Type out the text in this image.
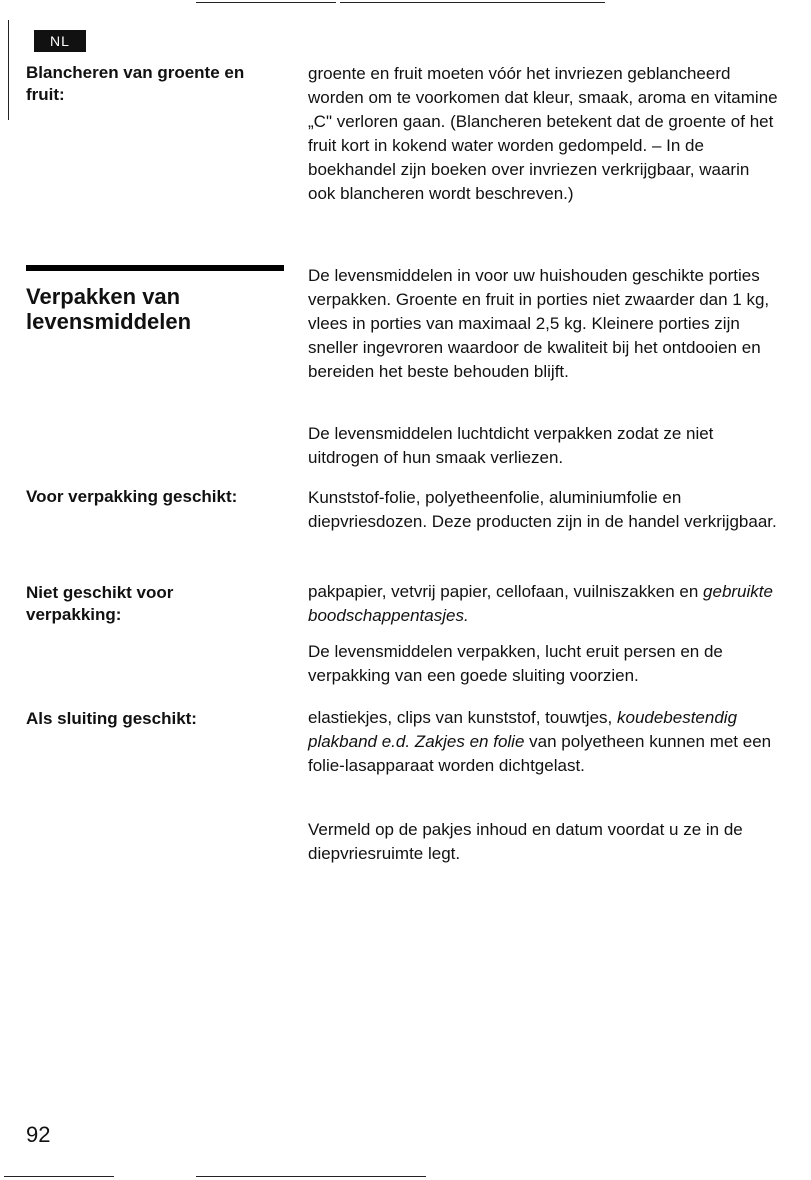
NL

Blancheren van groente en fruit:

groente en fruit moeten vóór het invriezen geblancheerd worden om te voorkomen dat kleur, smaak, aroma en vitamine „C" verloren gaan. (Blancheren betekent dat de groente of het fruit kort in kokend water worden gedompeld. – In de boekhandel zijn boeken over invriezen verkrijgbaar, waarin ook blancheren wordt beschreven.)

Verpakken van levensmiddelen

De levensmiddelen in voor uw huishouden geschikte porties verpakken. Groente en fruit in porties niet zwaarder dan 1 kg, vlees in porties van maximaal 2,5 kg. Kleinere porties zijn sneller ingevroren waardoor de kwaliteit bij het ontdooien en bereiden het beste behouden blijft.

De levensmiddelen luchtdicht verpakken zodat ze niet uitdrogen of hun smaak verliezen.

Voor verpakking geschikt:	Kunststof-folie, polyetheenfolie, aluminiumfolie en diepvriesdozen. Deze producten zijn in de handel verkrijgbaar.

Niet geschikt voor verpakking:

pakpapier, vetvrij papier, cellofaan, vuilniszakken en gebruikte boodschappentasjes.

De levensmiddelen verpakken, lucht eruit persen en de verpakking van een goede sluiting voorzien.

Als sluiting geschikt:	elastiekjes, clips van kunststof, touwtjes, koudebestendig plakband e.d. Zakjes en folie van polyetheen kunnen met een folie-lasapparaat worden dichtgelast.

Vermeld op de pakjes inhoud en datum voordat u ze in de diepvriesruimte legt.

92
